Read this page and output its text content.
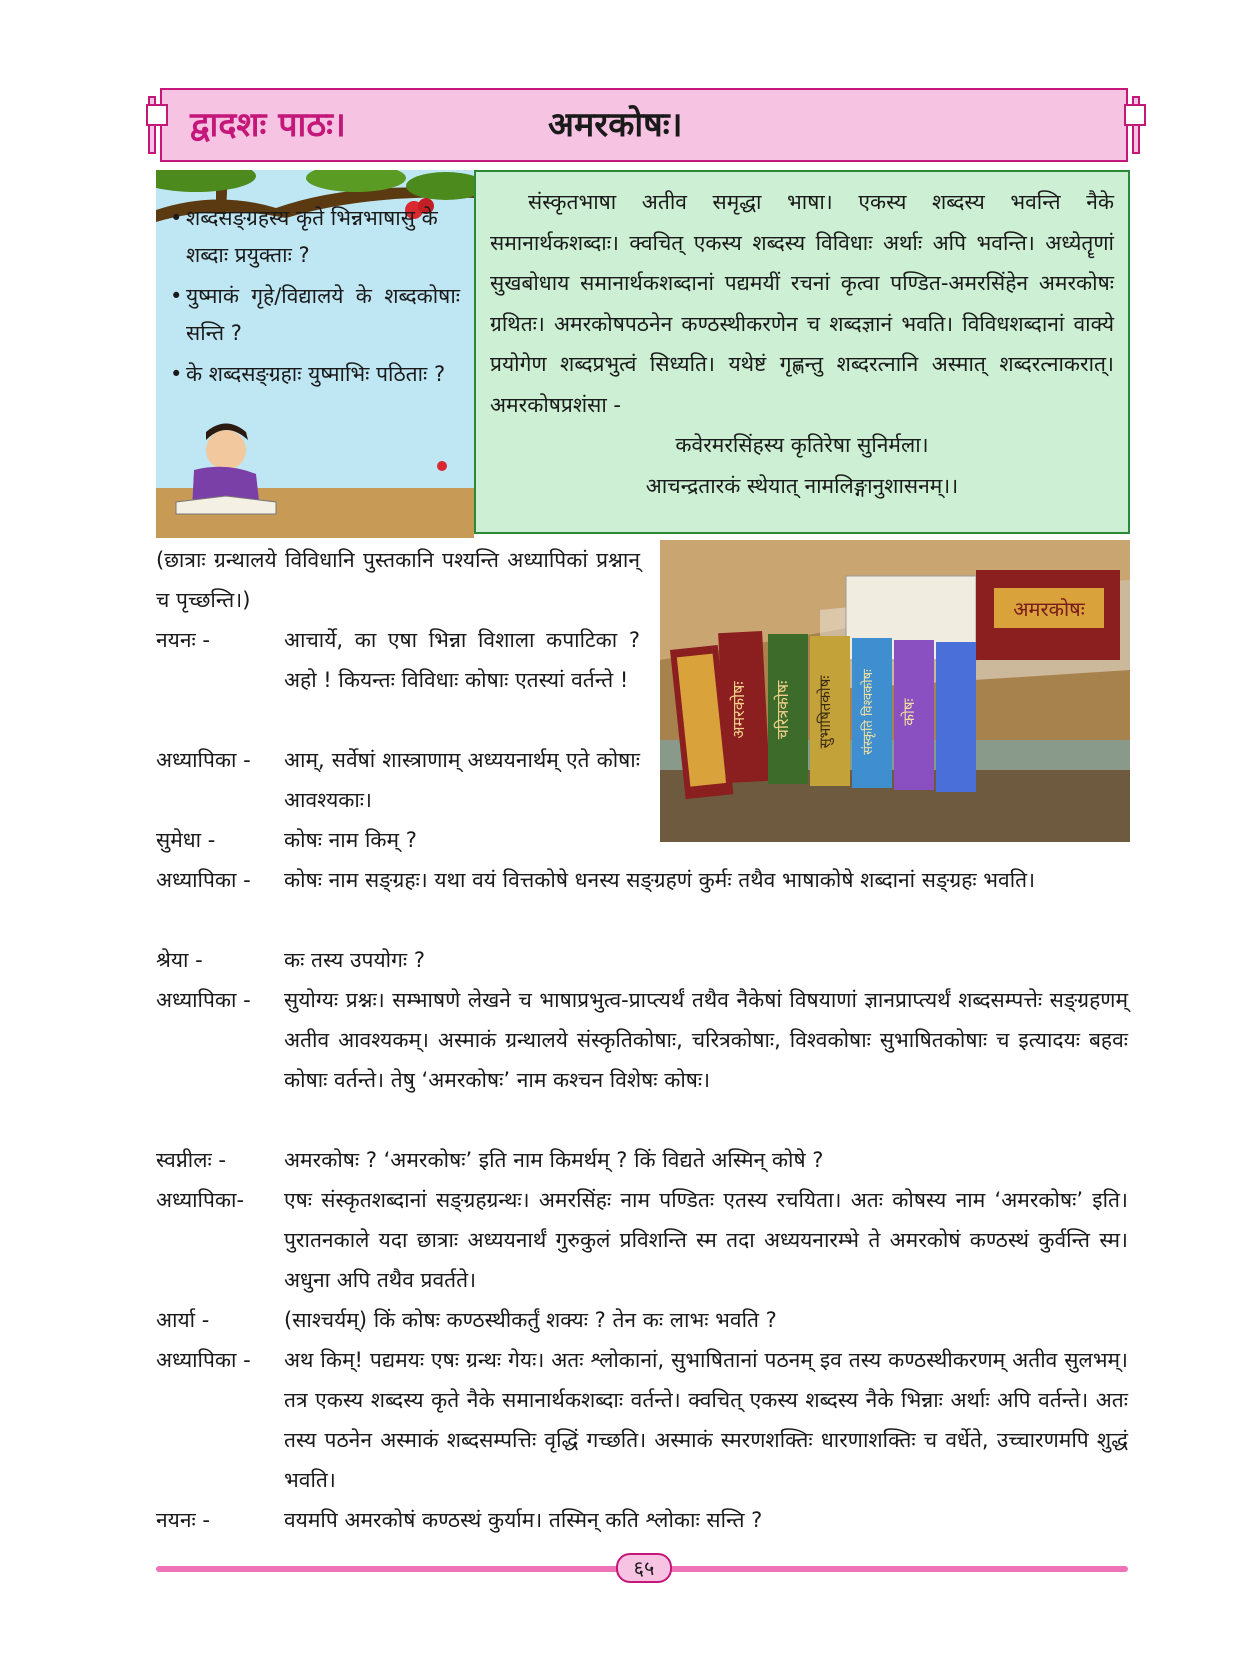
द्वादशः पाठः।	अमरकोषः।
• शब्दसङ्ग्रहस्य कृते भिन्नभाषासु के शब्दाः प्रयुक्ताः ?
• युष्माकं गृहे/विद्यालये के शब्दकोषाः सन्ति ?
• के शब्दसङ्ग्रहाः युष्माभिः पठिताः ?

संस्कृतभाषा अतीव समृद्धा भाषा। एकस्य शब्दस्य भवन्ति नैके समानार्थकशब्दाः। क्वचित् एकस्य शब्दस्य विविधाः अर्थाः अपि भवन्ति। अध्येतॄणां सुखबोधाय समानार्थकशब्दानां पद्यमयीं रचनां कृत्वा पण्डित-अमरसिंहेन अमरकोषः ग्रथितः। अमरकोषपठनेन कण्ठस्थीकरणेन च शब्दज्ञानं भवति। विविधशब्दानां वाक्ये प्रयोगेण शब्दप्रभुत्वं सिध्यति। यथेष्टं गृह्णन्तु शब्दरत्नानि अस्मात् शब्दरत्नाकरात्। अमरकोषप्रशंसा -

कवेरमरसिंहस्य कृतिरेषा सुनिर्मला।

आचन्द्रतारकं स्थेयात् नामलिङ्गानुशासनम्।।

अमरकोषः
अमरकोषः चरित्रकोषः सुभाषितकोषः संस्कृति विश्वकोषः कोषः
(छात्राः ग्रन्थालये विविधानि पुस्तकानि पश्यन्ति अध्यापिकां प्रश्नान् च पृच्छन्ति।)
नयनः -	आचार्ये, का एषा भिन्ना विशाला कपाटिका ? अहो ! कियन्तः विविधाः कोषाः एतस्यां वर्तन्ते !
अध्यापिका - आम्, सर्वेषां शास्त्राणाम् अध्ययनार्थम् एते कोषाः आवश्यकाः।
सुमेधा -	कोषः नाम किम् ?
अध्यापिका - कोषः नाम सङ्ग्रहः। यथा वयं वित्तकोषे धनस्य सङ्ग्रहणं कुर्मः तथैव भाषाकोषे शब्दानां सङ्ग्रहः भवति।
श्रेया -	कः तस्य उपयोगः ?
अध्यापिका - सुयोग्यः प्रश्नः। सम्भाषणे लेखने च भाषाप्रभुत्व-प्राप्त्यर्थं तथैव नैकेषां विषयाणां ज्ञानप्राप्त्यर्थं शब्दसम्पत्तेः सङ्ग्रहणम् अतीव आवश्यकम्। अस्माकं ग्रन्थालये संस्कृतिकोषाः, चरित्रकोषाः, विश्वकोषाः सुभाषितकोषाः च इत्यादयः बहवः कोषाः वर्तन्ते। तेषु ‘अमरकोषः’ नाम कश्चन विशेषः कोषः।
स्वप्नीलः -	अमरकोषः ? ‘अमरकोषः’ इति नाम किमर्थम् ? किं विद्यते अस्मिन् कोषे ?
अध्यापिका- एषः संस्कृतशब्दानां सङ्ग्रहग्रन्थः। अमरसिंहः नाम पण्डितः एतस्य रचयिता। अतः कोषस्य नाम ‘अमरकोषः’ इति। पुरातनकाले यदा छात्राः अध्ययनार्थं गुरुकुलं प्रविशन्ति स्म तदा अध्ययनारम्भे ते अमरकोषं कण्ठस्थं कुर्वन्ति स्म। अधुना अपि तथैव प्रवर्तते।
आर्या -	(साश्चर्यम्) किं कोषः कण्ठस्थीकर्तुं शक्यः ? तेन कः लाभः भवति ?
अध्यापिका - अथ किम्! पद्यमयः एषः ग्रन्थः गेयः। अतः श्लोकानां, सुभाषितानां पठनम् इव तस्य कण्ठस्थीकरणम् अतीव सुलभम्। तत्र एकस्य शब्दस्य कृते नैके समानार्थकशब्दाः वर्तन्ते। क्वचित् एकस्य शब्दस्य नैके भिन्नाः अर्थाः अपि वर्तन्ते। अतः तस्य पठनेन अस्माकं शब्दसम्पत्तिः वृद्धिं गच्छति। अस्माकं स्मरणशक्तिः धारणाशक्तिः च वर्धेते, उच्चारणमपि शुद्धं भवति।
नयनः -	वयमपि अमरकोषं कण्ठस्थं कुर्याम। तस्मिन् कति श्लोकाः सन्ति ?
६५
